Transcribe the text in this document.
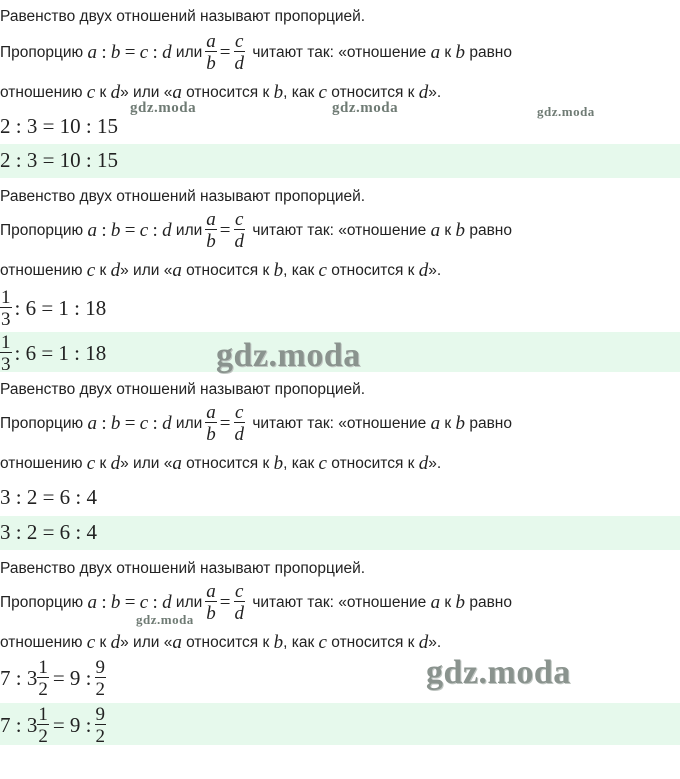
Равенство двух отношений называют пропорцией.
Пропорцию
a
:
b
=
c
:
d
или $\frac{a}{b} = \frac{c}{d}$
читают так: «отношение
a
к
b
равно
отношению
c
к
d » или « a
относится к
b , как
c
относится к
d ».
2 : 3 = 10 : 15
2 : 3 = 10 : 15
Равенство двух отношений называют пропорцией.
Пропорцию
a
:
b
=
c
:
d
или $\frac{a}{b} = \frac{c}{d}$
читают так: «отношение
a
к
b
равно
отношению
c
к
d » или « a
относится к
b , как
c
относится к
d ».
$\frac{1}{3}$ : 6 = 1 : 18
$\frac{1}{3}$ : 6 = 1 : 18
Равенство двух отношений называют пропорцией.
Пропорцию
a
:
b
=
c
:
d
или $\frac{a}{b} = \frac{c}{d}$
читают так: «отношение
a
к
b
равно
отношению
c
к
d » или « a
относится к
b , как
c
относится к
d ».
3 : 2 = 6 : 4
3 : 2 = 6 : 4
Равенство двух отношений называют пропорцией.
Пропорцию
a
:
b
=
c
:
d
или $\frac{a}{b} = \frac{c}{d}$
читают так: «отношение
a
к
b
равно
отношению
c
к
d » или « a
относится к
b , как
c
относится к
d ».
7 : $3 \frac{1}{2} = 9$ : $\frac{9}{2}$
7 : $3 \frac{1}{2} = 9$ : $\frac{9}{2}$
gdz.moda	gdz.moda	gdz.moda
gdz.moda
gdz.moda
gdz.moda
